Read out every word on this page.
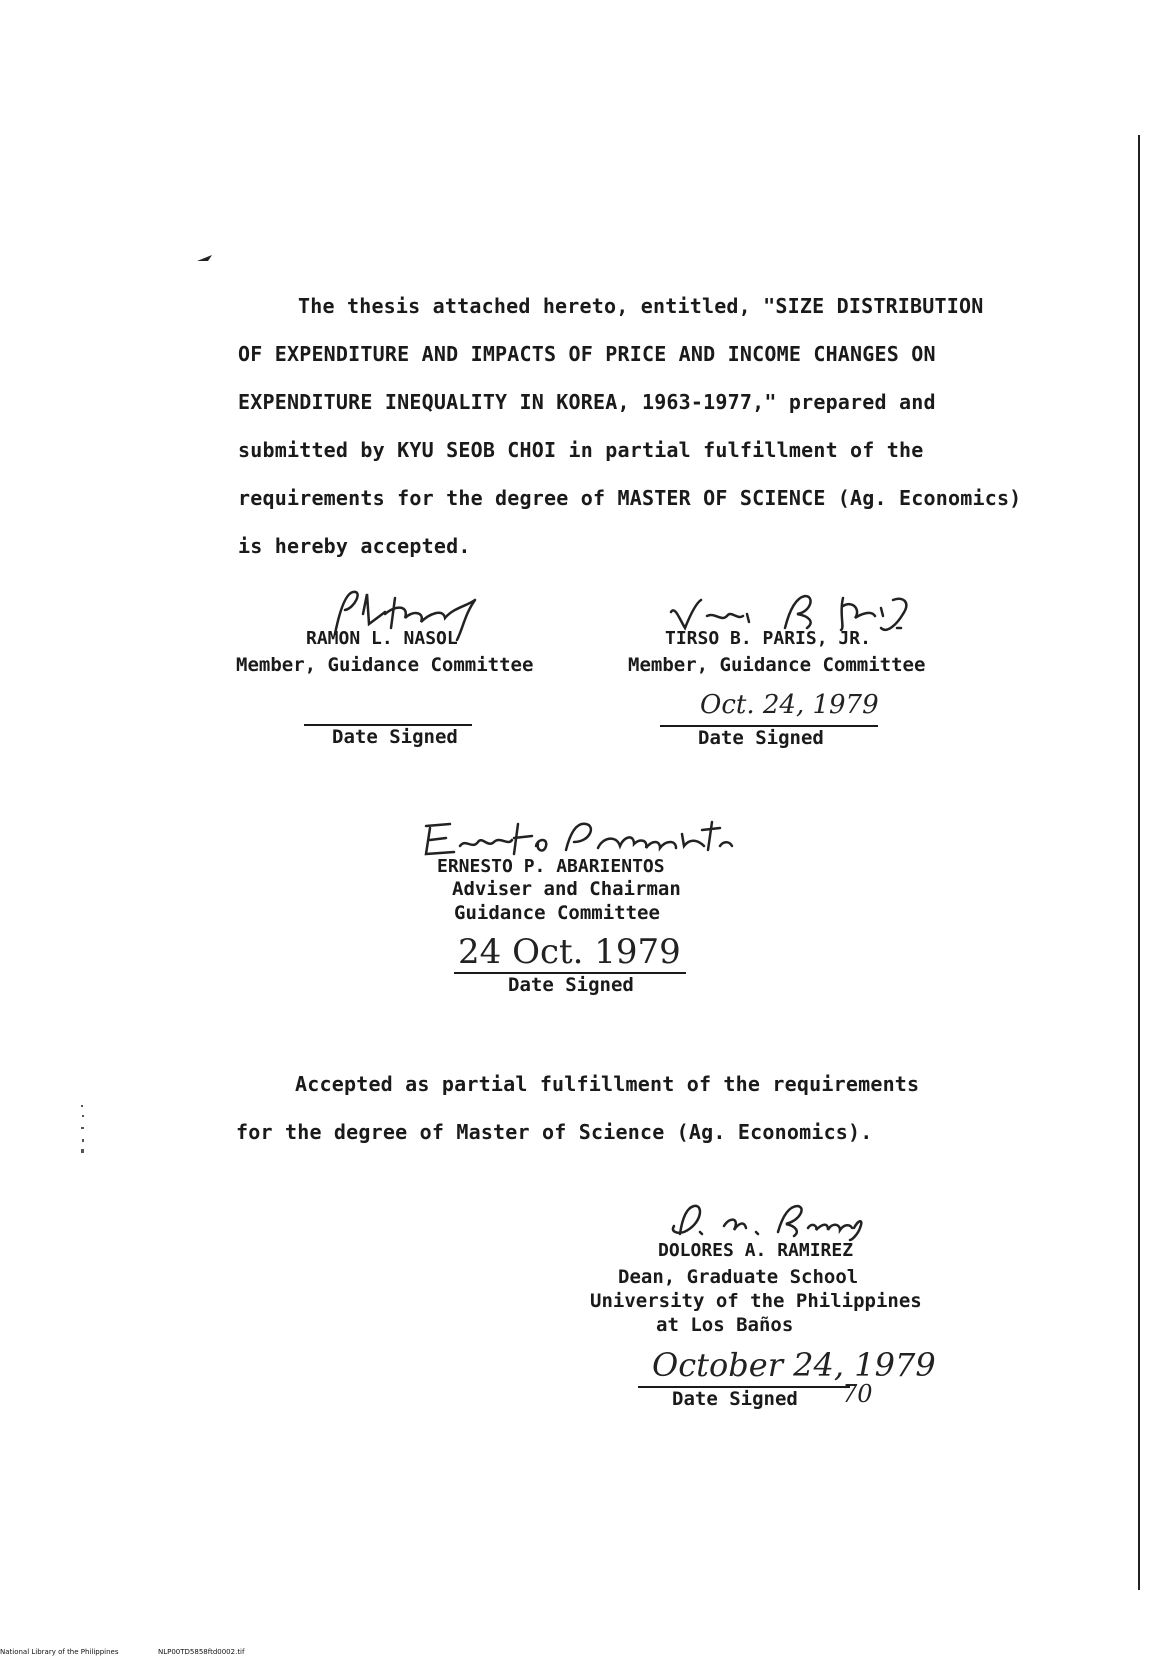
The thesis attached hereto, entitled, "SIZE DISTRIBUTION
OF EXPENDITURE AND IMPACTS OF PRICE AND INCOME CHANGES ON
EXPENDITURE INEQUALITY IN KOREA, 1963-1977," prepared and
submitted by KYU SEOB CHOI in partial fulfillment of the
requirements for the degree of MASTER OF SCIENCE (Ag. Economics)
is hereby accepted.
RAMON L. NASOL
Member, Guidance Committee
Date Signed
TIRSO B. PARIS, JR.
Member, Guidance Committee
Oct. 24, 1979
Date Signed
ERNESTO P. ABARIENTOS
Adviser and Chairman
Guidance Committee
24 Oct. 1979
Date Signed
Accepted as partial fulfillment of the requirements
for the degree of Master of Science (Ag. Economics).
DOLORES A. RAMIREZ
Dean, Graduate School
University of the Philippines
at Los Baños
October 24, 1979
Date Signed 70
National Library of the Philippines	NLP00TD5858ftd0002.tif
